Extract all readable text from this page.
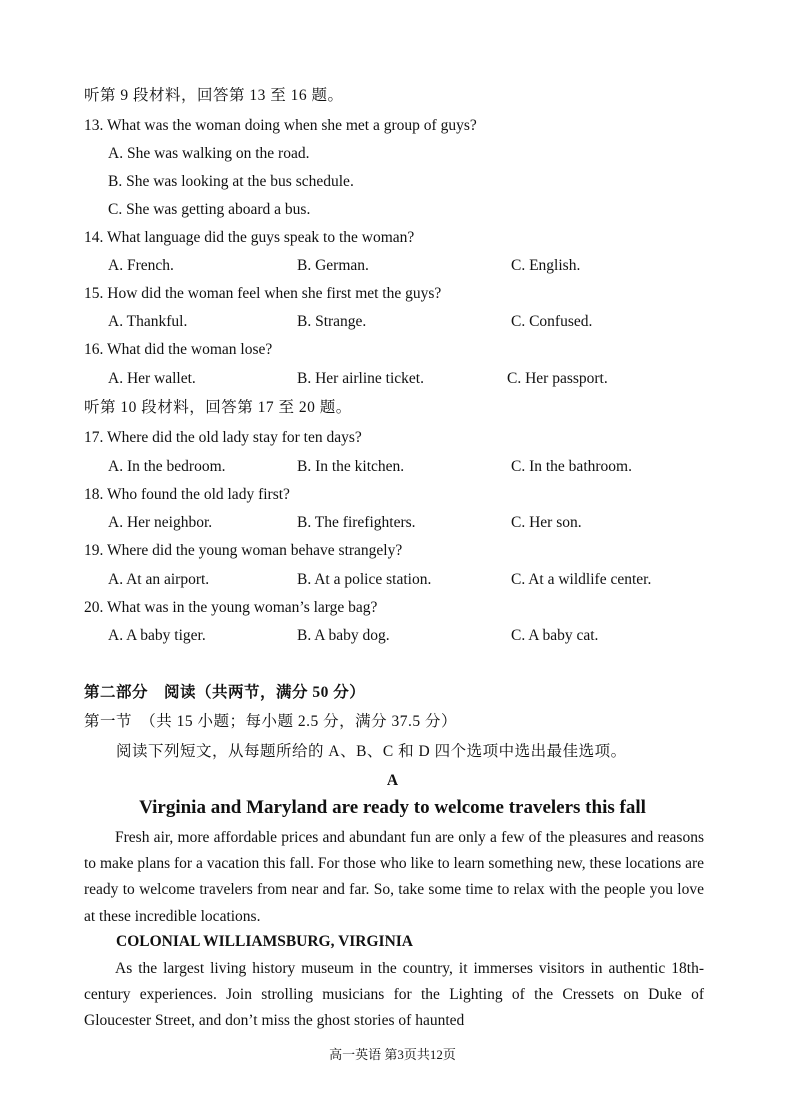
听第 9 段材料，回答第 13 至 16 题。
13. What was the woman doing when she met a group of guys?
A. She was walking on the road.
B. She was looking at the bus schedule.
C. She was getting aboard a bus.
14. What language did the guys speak to the woman?
A. French.	B. German.	C. English.
15. How did the woman feel when she first met the guys?
A. Thankful.	B. Strange.	C. Confused.
16. What did the woman lose?
A. Her wallet.	B. Her airline ticket.	C. Her passport.
听第 10 段材料，回答第 17 至 20 题。
17. Where did the old lady stay for ten days?
A. In the bedroom.	B. In the kitchen.	C. In the bathroom.
18. Who found the old lady first?
A. Her neighbor.	B. The firefighters.	C. Her son.
19. Where did the young woman behave strangely?
A. At an airport.	B. At a police station.	C. At a wildlife center.
20. What was in the young woman’s large bag?
A. A baby tiger.	B. A baby dog.	C. A baby cat.
第二部分　阅读（共两节，满分 50 分）
第一节　（共 15 小题；每小题 2.5 分，满分 37.5 分）
阅读下列短文，从每题所给的 A、B、C 和 D 四个选项中选出最佳选项。
A
Virginia and Maryland are ready to welcome travelers this fall

Fresh air, more affordable prices and abundant fun are only a few of the pleasures and reasons to make plans for a vacation this fall. For those who like to learn something new, these locations are ready to welcome travelers from near and far. So, take some time to relax with the people you love at these incredible locations.

COLONIAL WILLIAMSBURG, VIRGINIA

As the largest living history museum in the country, it immerses visitors in authentic 18th-century experiences. Join strolling musicians for the Lighting of the Cressets on Duke of Gloucester Street, and don’t miss the ghost stories of haunted

高一英语 第3页共12页
